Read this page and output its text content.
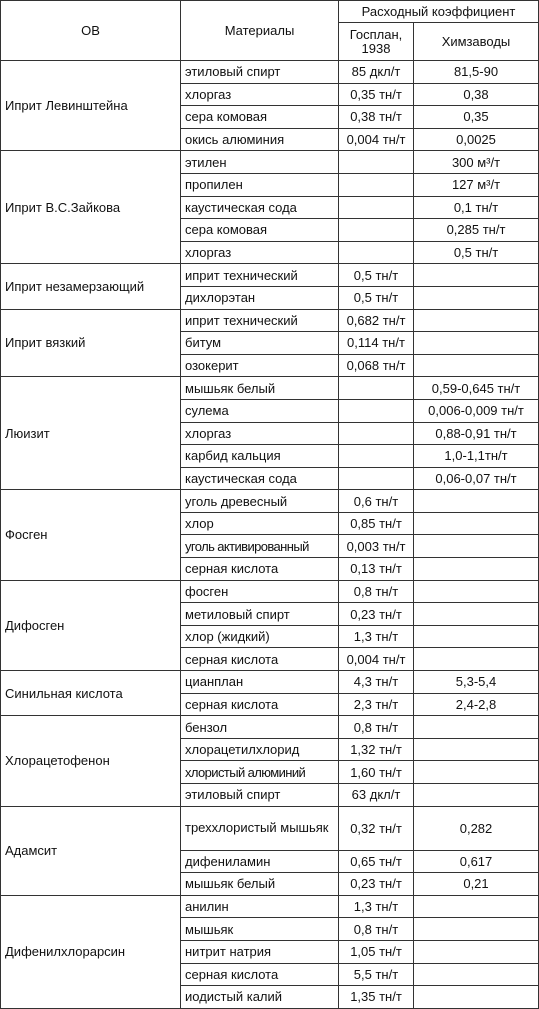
ОВ	Материалы	Расходный коэффициент	
		Госплан, 1938	Химзаводы
Иприт Левинштейна	этиловый спирт	85 дкл/т	81,5-90
	хлоргаз	0,35 тн/т	0,38
	сера комовая	0,38 тн/т	0,35
	окись алюминия	0,004 тн/т	0,0025
Иприт В.С.Зайкова	этилен		300 м³/т
	пропилен		127 м³/т
	каустическая сода		0,1 тн/т
	сера комовая		0,285 тн/т
	хлоргаз		0,5 тн/т
Иприт незамерзающий	иприт технический	0,5 тн/т	
	дихлорэтан	0,5 тн/т	
Иприт вязкий	иприт технический	0,682 тн/т	
	битум	0,114 тн/т	
	озокерит	0,068 тн/т	
Люизит	мышьяк белый		0,59-0,645 тн/т
	сулема		0,006-0,009 тн/т
	хлоргаз		0,88-0,91 тн/т
	карбид кальция		1,0-1,1тн/т
	каустическая сода		0,06-0,07 тн/т
Фосген	уголь древесный	0,6 тн/т	
	хлор	0,85 тн/т	
	уголь активированный	0,003 тн/т	
	серная кислота	0,13 тн/т	
Дифосген	фосген	0,8 тн/т	
	метиловый спирт	0,23 тн/т	
	хлор (жидкий)	1,3 тн/т	
	серная кислота	0,004 тн/т	
Синильная кислота	цианплан	4,3 тн/т	5,3-5,4
	серная кислота	2,3 тн/т	2,4-2,8
Хлорацетофенон	бензол	0,8 тн/т	
	хлорацетилхлорид	1,32 тн/т	
	хлористый алюминий	1,60 тн/т	
	этиловый спирт	63 дкл/т	
Адамсит	треххлористый мышьяк	0,32 тн/т	0,282
	дифениламин	0,65 тн/т	0,617
	мышьяк белый	0,23 тн/т	0,21
Дифенилхлорарсин	анилин	1,3 тн/т	
	мышьяк	0,8 тн/т	
	нитрит натрия	1,05 тн/т	
	серная кислота	5,5 тн/т	
	иодистый калий	1,35 тн/т	
